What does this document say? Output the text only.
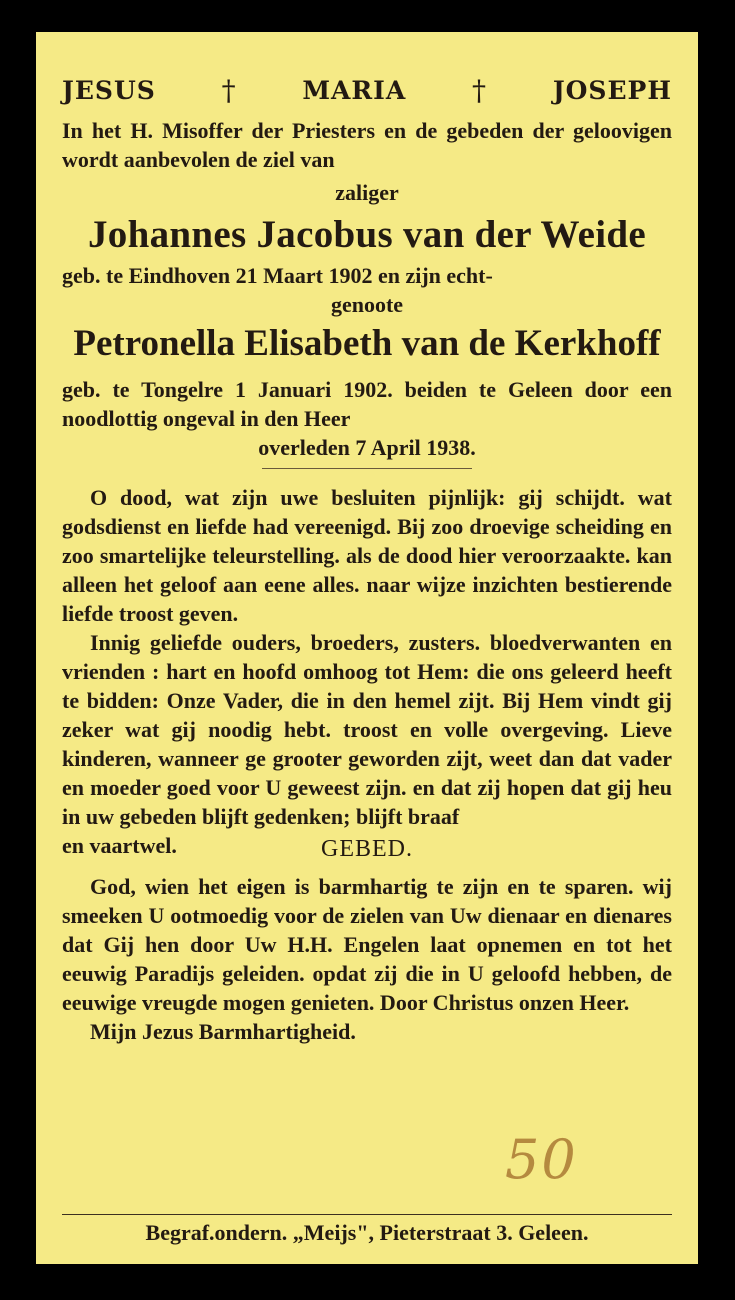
JESUS †	MARIA †	JOSEPH
In het H. Misoffer der Priesters en de gebeden der geloovigen wordt aanbevolen de ziel van
zaliger
Johannes Jacobus van der Weide
geb. te Eindhoven 21 Maart 1902 en zijn echt-
genoote
Petronella Elisabeth van de Kerkhoff
geb. te Tongelre 1 Januari 1902. beiden te Geleen door een noodlottig ongeval in den Heer
overleden 7 April 1938.
O dood, wat zijn uwe besluiten pijnlijk: gij schijdt. wat godsdienst en liefde had vereenigd. Bij zoo droevige scheiding en zoo smartelijke teleurstelling. als de dood hier veroorzaakte. kan alleen het geloof aan eene alles. naar wijze inzichten bestierende liefde troost geven.
Innig geliefde ouders, broeders, zusters. bloedverwanten en vrienden : hart en hoofd omhoog tot Hem: die ons geleerd heeft te bidden: Onze Vader, die in den hemel zijt. Bij Hem vindt gij zeker wat gij noodig hebt. troost en volle overgeving. Lieve kinderen, wanneer ge grooter geworden zijt, weet dan dat vader en moeder goed voor U geweest zijn. en dat zij hopen dat gij heu in uw gebeden blijft gedenken; blijft braaf
en vaartwel.	GEBED.
God, wien het eigen is barmhartig te zijn en te sparen. wij smeeken U ootmoedig voor de zielen van Uw dienaar en dienares dat Gij hen door Uw H.H. Engelen laat opnemen en tot het eeuwig Paradijs geleiden. opdat zij die in U geloofd hebben, de eeuwige vreugde mogen genieten. Door Christus onzen Heer.
Mijn Jezus Barmhartigheid.
Begraf.ondern. „Meijs", Pieterstraat 3. Geleen.
50
